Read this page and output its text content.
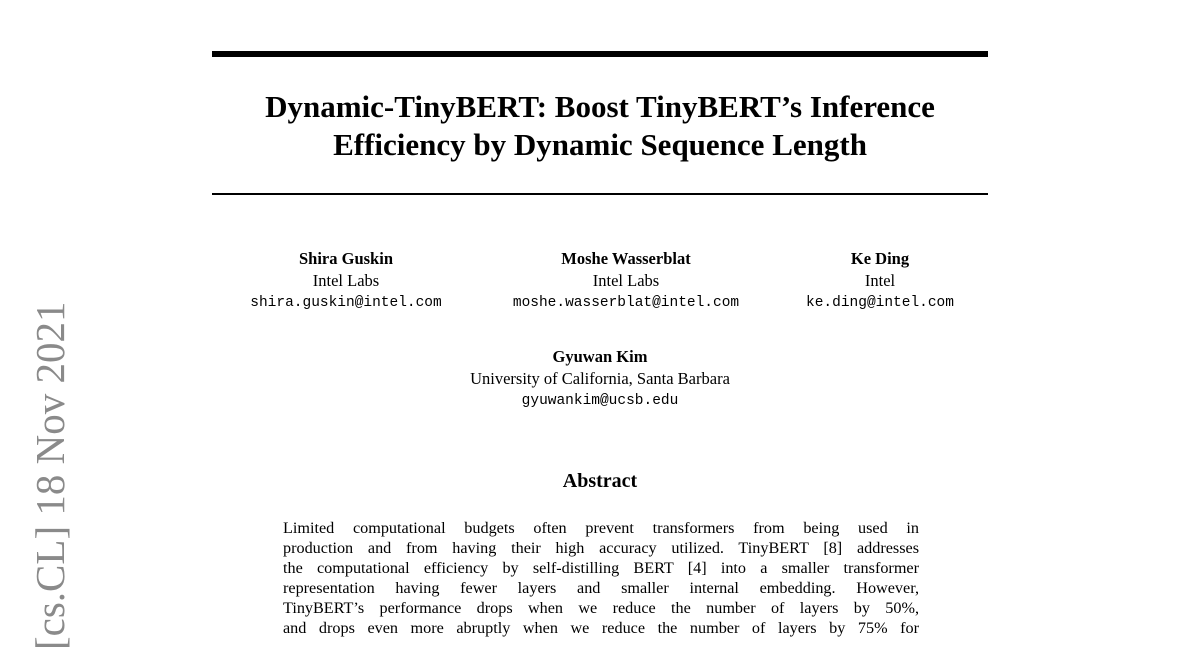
Dynamic-TinyBERT: Boost TinyBERT’s Inference
Efficiency by Dynamic Sequence Length
Shira Guskin
Intel Labs
shira.guskin@intel.com
Moshe Wasserblat
Intel Labs
moshe.wasserblat@intel.com
Ke Ding
Intel
ke.ding@intel.com
Gyuwan Kim
University of California, Santa Barbara
gyuwankim@ucsb.edu
Abstract
Limited computational budgets often prevent transformers from being used in
production and from having their high accuracy utilized. TinyBERT [8] addresses
the computational efficiency by self-distilling BERT [4] into a smaller transformer
representation having fewer layers and smaller internal embedding. However,
TinyBERT’s performance drops when we reduce the number of layers by 50%,
and drops even more abruptly when we reduce the number of layers by 75% for
[cs.CL] 18 Nov 2021
